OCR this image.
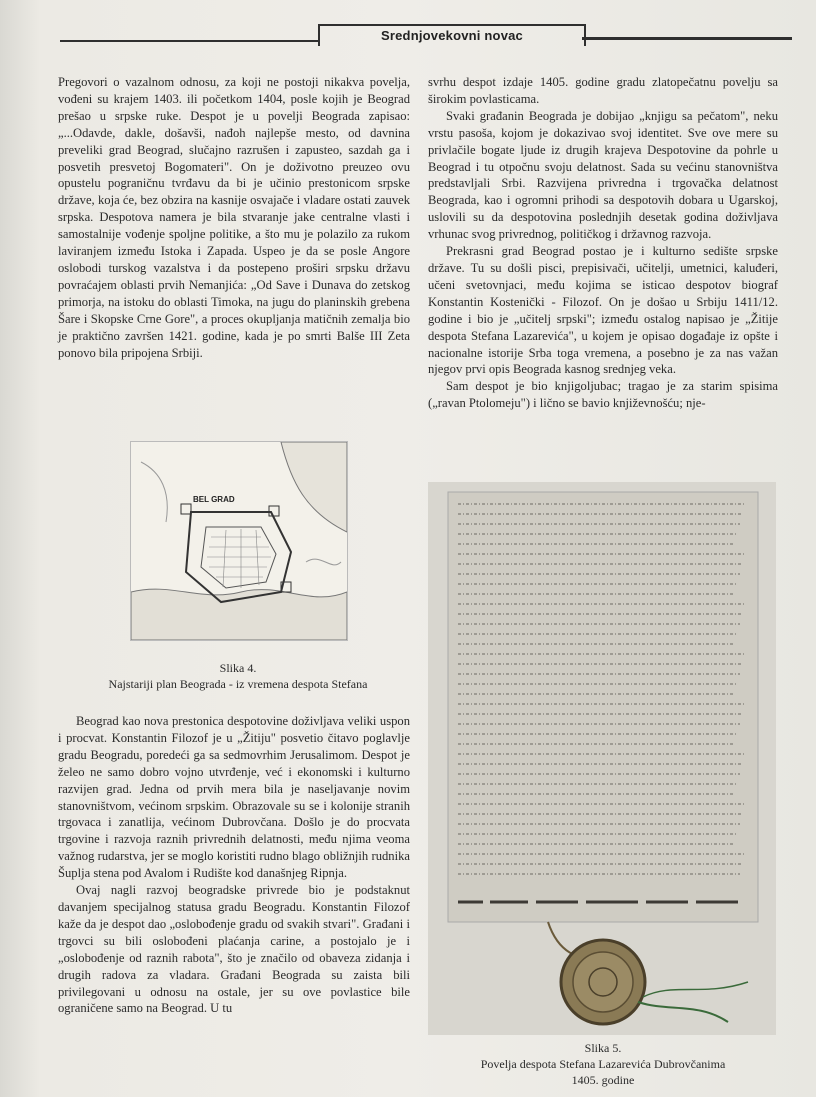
Srednjovekovni novac

Pregovori o vazalnom odnosu, za koji ne postoji nikakva povelja, vođeni su krajem 1403. ili početkom 1404, posle kojih je Beograd prešao u srpske ruke. Despot je u povelji Beograda zapisao: „...Odavde, dakle, došavši, nađoh najlepše mesto, od davnina preveliki grad Beograd, slučajno razrušen i zapusteo, sazdah ga i posvetih presvetoj Bogomateri". On je doživotno preuzeo ovu opustelu pograničnu tvrđavu da bi je učinio prestonicom srpske države, koja će, bez obzira na kasnije osvajače i vladare ostati zauvek srpska. Despotova namera je bila stvaranje jake centralne vlasti i samostalnije vođenje spoljne politike, a što mu je polazilo za rukom laviranjem između Istoka i Zapada. Uspeo je da se posle Angore oslobodi turskog vazalstva i da postepeno proširi srpsku državu povraćajem oblasti prvih Nemanjića: „Od Save i Dunava do zetskog primorja, na istoku do oblasti Timoka, na jugu do planinskih grebena Šare i Skopske Crne Gore", a proces okupljanja matičnih zemalja bio je praktično završen 1421. godine, kada je po smrti Balše III Zeta ponovo bila pripojena Srbiji.

BEL GRAD
Slika 4.
Najstariji plan Beograda - iz vremena despota Stefana

Beograd kao nova prestonica despotovine doživljava veliki uspon i procvat. Konstantin Filozof je u „Žitiju" posvetio čitavo poglavlje gradu Beogradu, poredeći ga sa sedmovrhim Jerusalimom. Despot je želeo ne samo dobro vojno utvrđenje, već i ekonomski i kulturno razvijen grad. Jedna od prvih mera bila je naseljavanje novim stanovništvom, većinom srpskim. Obrazovale su se i kolonije stranih trgovaca i zanatlija, većinom Dubrovčana. Došlo je do procvata trgovine i razvoja raznih privrednih delatnosti, među njima veoma važnog rudarstva, jer se moglo koristiti rudno blago obližnjih rudnika Šuplja stena pod Avalom i Rudište kod današnjeg Ripnja.

Ovaj nagli razvoj beogradske privrede bio je podstaknut davanjem specijalnog statusa gradu Beogradu. Konstantin Filozof kaže da je despot dao „oslobođenje gradu od svakih stvari". Građani i trgovci su bili oslobođeni plaćanja carine, a postojalo je i „oslobođenje od raznih rabota", što je značilo od obaveza zidanja i drugih radova za vladara. Građani Beograda su zaista bili privilegovani u odnosu na ostale, jer su ove povlastice bile ograničene samo na Beograd. U tu

svrhu despot izdaje 1405. godine gradu zlatopečatnu povelju sa širokim povlasticama.

Svaki građanin Beograda je dobijao „knjigu sa pečatom", neku vrstu pasoša, kojom je dokazivao svoj identitet. Sve ove mere su privlačile bogate ljude iz drugih krajeva Despotovine da pohrle u Beograd i tu otpočnu svoju delatnost. Sada su većinu stanovništva predstavljali Srbi. Razvijena privredna i trgovačka delatnost Beograda, kao i ogromni prihodi sa despotovih dobara u Ugarskoj, uslovili su da despotovina poslednjih desetak godina doživljava vrhunac svog privrednog, političkog i državnog razvoja.

Prekrasni grad Beograd postao je i kulturno sedište srpske države. Tu su došli pisci, prepisivači, učitelji, umetnici, kaluđeri, učeni svetovnjaci, među kojima se isticao despotov biograf Konstantin Kostenički - Filozof. On je došao u Srbiju 1411/12. godine i bio je „učitelj srpski"; između ostalog napisao je „Žitije despota Stefana Lazarevića", u kojem je opisao događaje iz opšte i nacionalne istorije Srba toga vremena, a posebno je za nas važan njegov prvi opis Beograda kasnog srednjeg veka.

Sam despot je bio knjigoljubac; tragao je za starim spisima („ravan Ptolomeju") i lično se bavio književnošću; nje-

Slika 5.
Povelja despota Stefana Lazarevića Dubrovčanima
1405. godine
